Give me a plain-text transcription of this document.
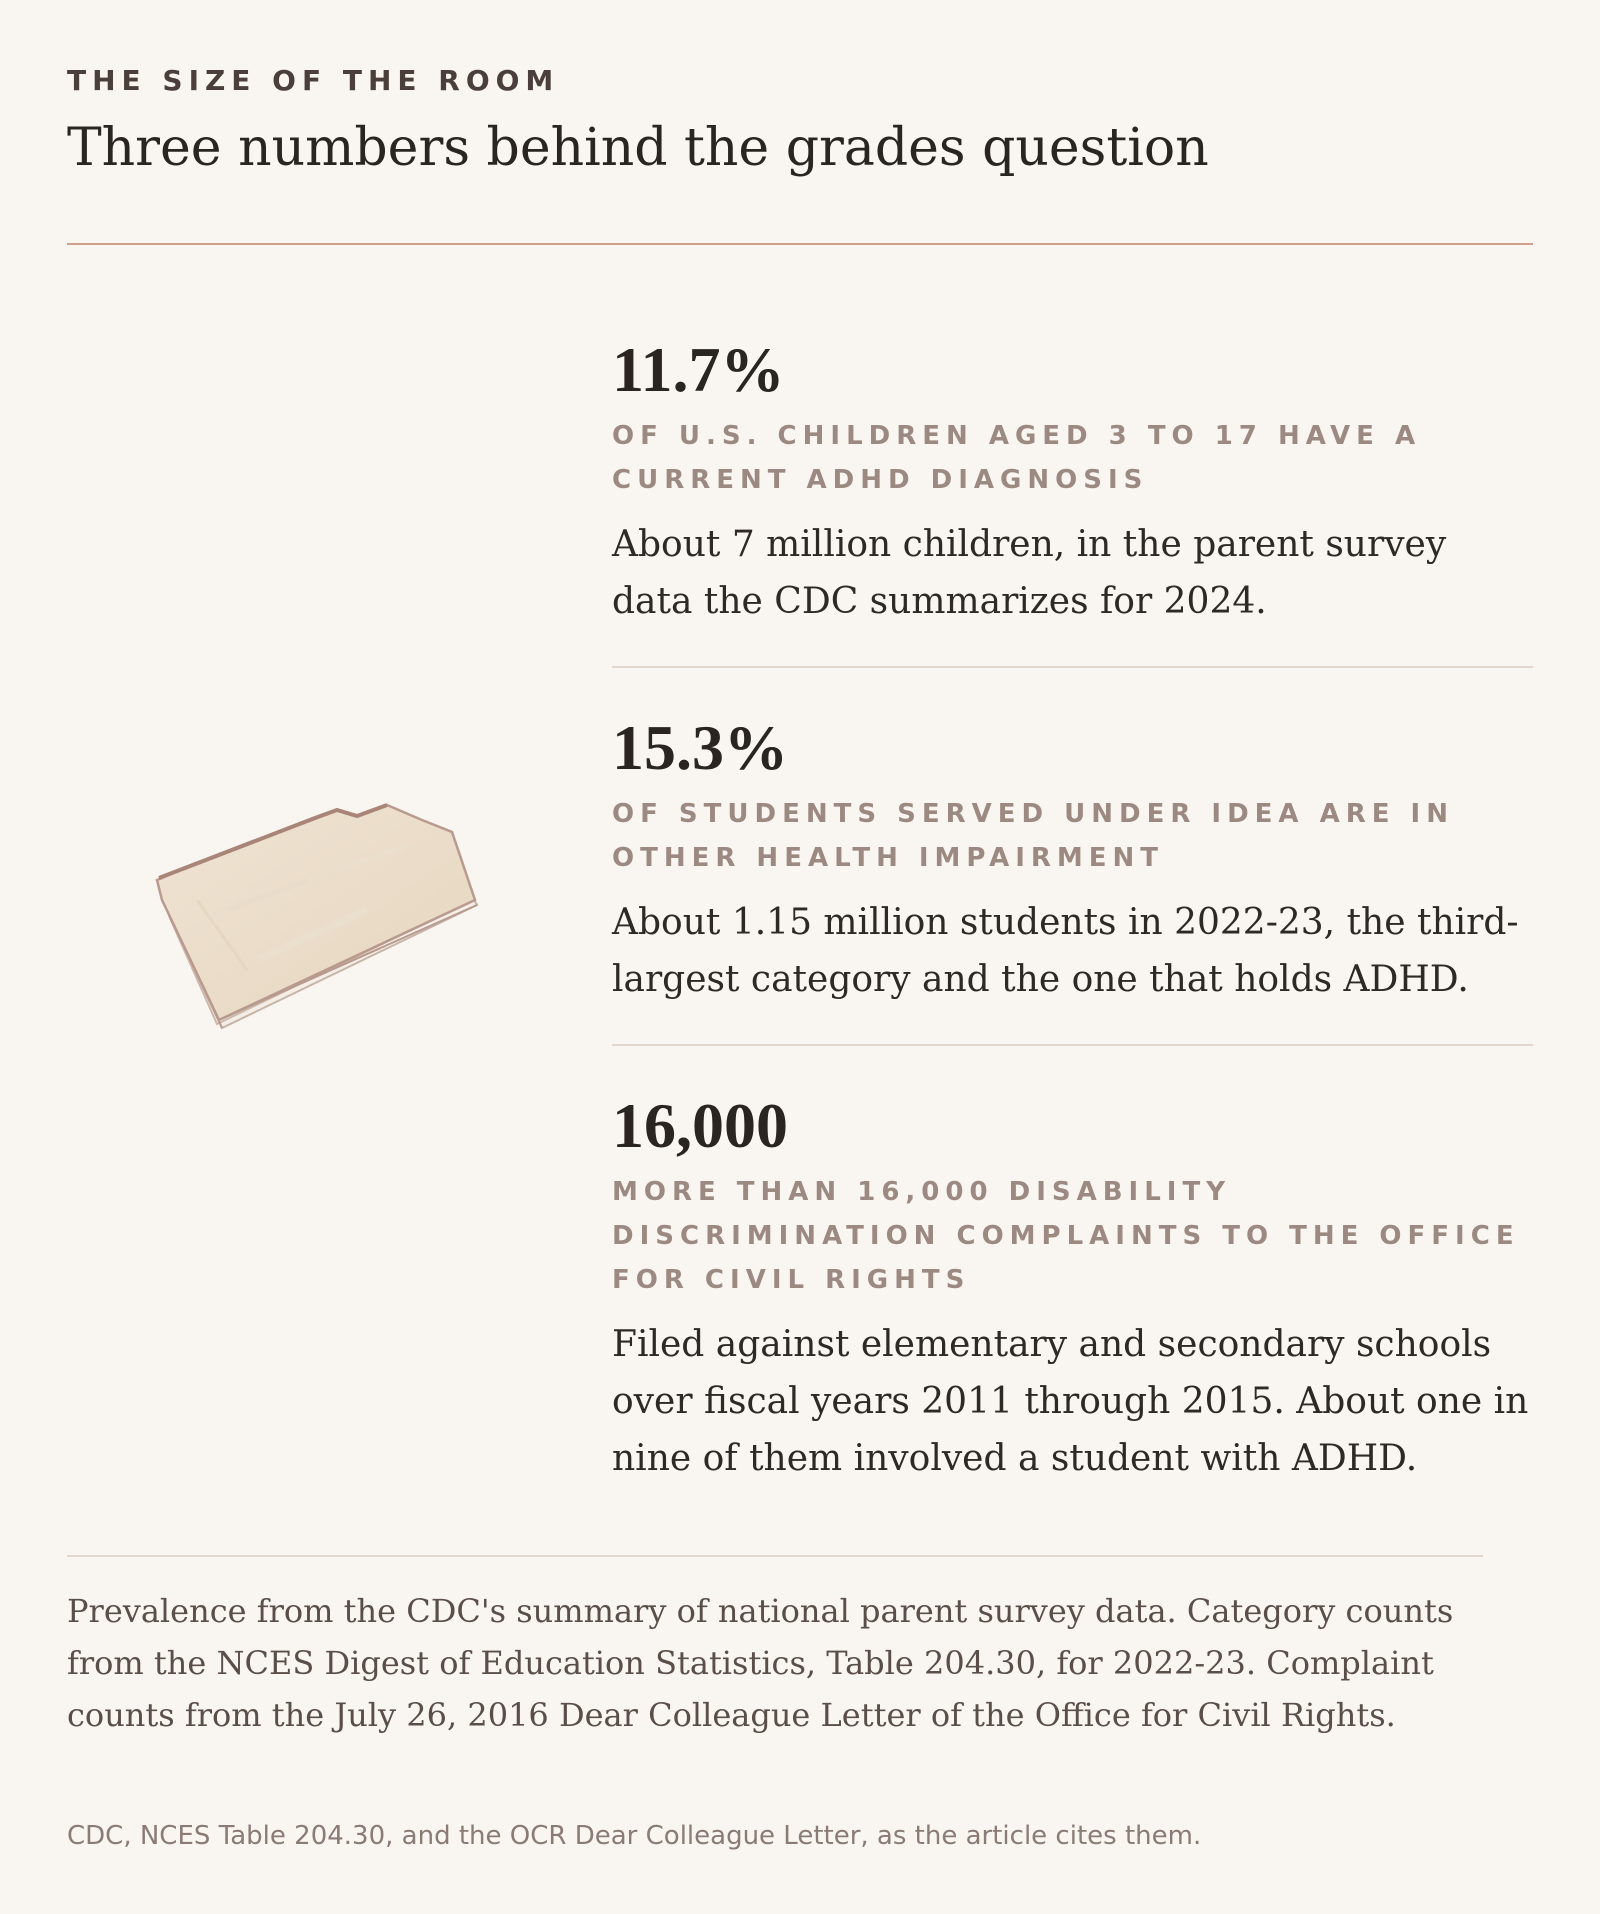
THE SIZE OF THE ROOM
Three numbers behind the grades question
11.7%
OF U.S. CHILDREN AGED 3 TO 17 HAVE A CURRENT ADHD DIAGNOSIS
About 7 million children, in the parent survey data the CDC summarizes for 2024.
15.3%
OF STUDENTS SERVED UNDER IDEA ARE IN OTHER HEALTH IMPAIRMENT
About 1.15 million students in 2022-23, the third-largest category and the one that holds ADHD.
16,000
MORE THAN 16,000 DISABILITY DISCRIMINATION COMPLAINTS TO THE OFFICE FOR CIVIL RIGHTS
Filed against elementary and secondary schools over fiscal years 2011 through 2015. About one in nine of them involved a student with ADHD.
Prevalence from the CDC's summary of national parent survey data. Category counts from the NCES Digest of Education Statistics, Table 204.30, for 2022-23. Complaint counts from the July 26, 2016 Dear Colleague Letter of the Office for Civil Rights.
CDC, NCES Table 204.30, and the OCR Dear Colleague Letter, as the article cites them.
